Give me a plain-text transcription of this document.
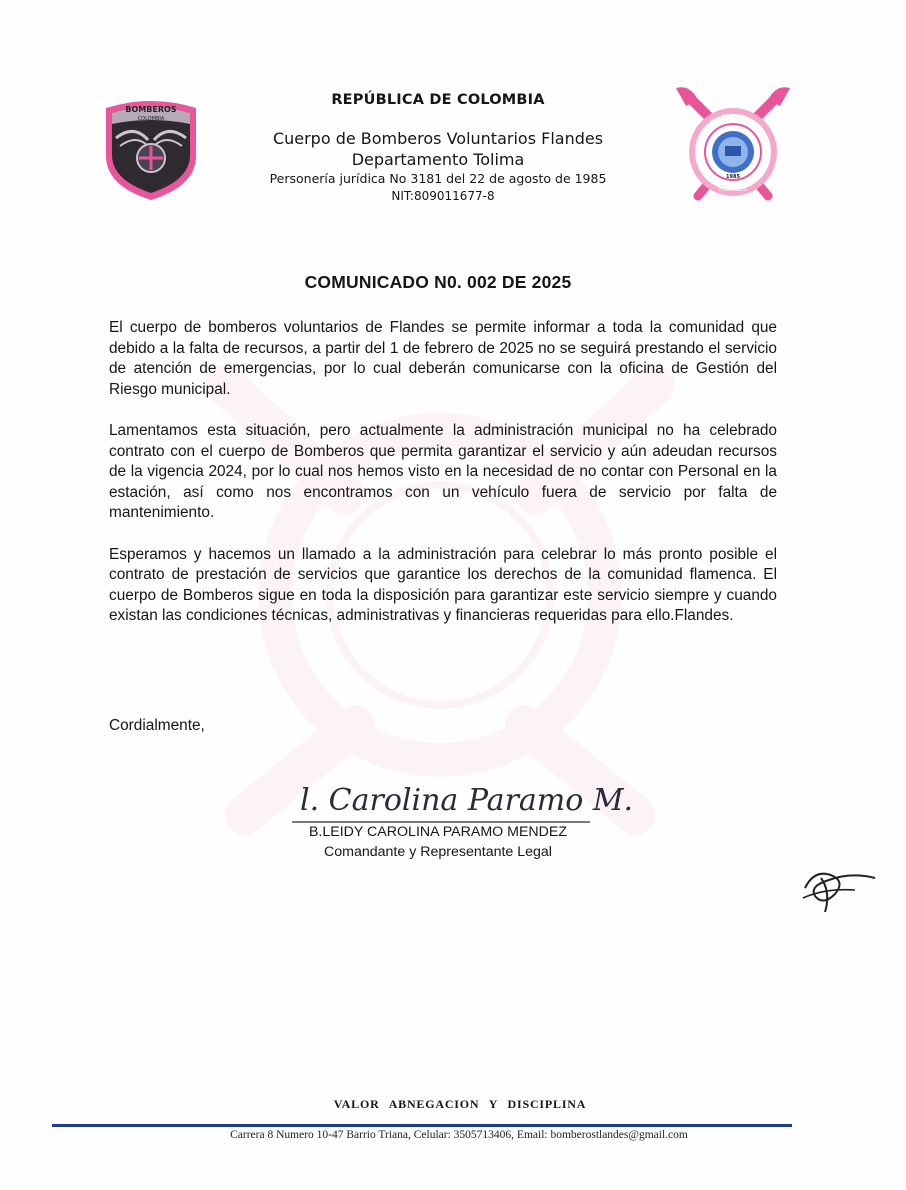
BOMBEROS
COLOMBIA
REPÚBLICA DE COLOMBIA
Cuerpo de Bomberos Voluntarios Flandes
Departamento Tolima
Personería jurídica No 3181 del 22 de agosto de 1985
NIT:809011677-8
TOLIMA
1985
FLANDES
COMUNICADO N0. 002 DE 2025

El cuerpo de bomberos voluntarios de Flandes se permite informar a toda la comunidad que debido a la falta de recursos, a partir del 1 de febrero de 2025 no se seguirá prestando el servicio de atención de emergencias, por lo cual deberán comunicarse con la oficina de Gestión del Riesgo municipal.

Lamentamos esta situación, pero actualmente la administración municipal no ha celebrado contrato con el cuerpo de Bomberos que permita garantizar el servicio y aún adeudan recursos de la vigencia 2024, por lo cual nos hemos visto en la necesidad de no contar con Personal en la estación, así como nos encontramos con un vehículo fuera de servicio por falta de mantenimiento.

Esperamos y hacemos un llamado a la administración para celebrar lo más pronto posible el contrato de prestación de servicios que garantice los derechos de la comunidad flamenca. El cuerpo de Bomberos sigue en toda la disposición para garantizar este servicio siempre y cuando existan las condiciones técnicas, administrativas y financieras requeridas para ello.Flandes.

Cordialmente,
l. Carolina Paramo M.
B.LEIDY CAROLINA PARAMO MENDEZ
Comandante y Representante Legal
VALOR ABNEGACION Y DISCIPLINA
Carrera 8 Numero 10-47 Barrio Triana, Celular: 3505713406, Email: bomberostlandes@gmail.com
